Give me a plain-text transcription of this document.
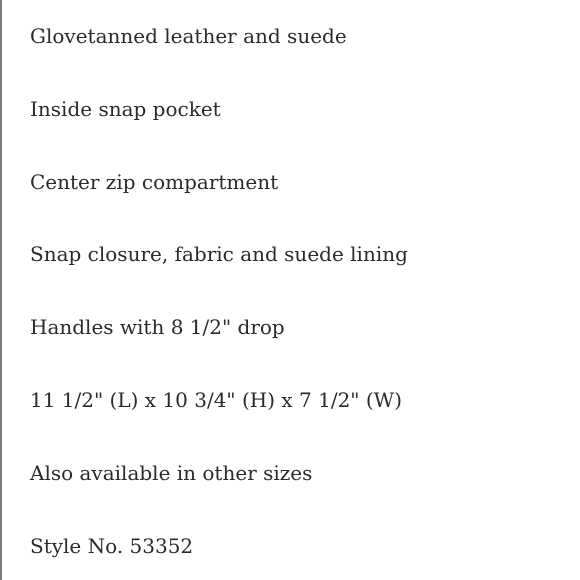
Glovetanned leather and suede
Inside snap pocket
Center zip compartment
Snap closure, fabric and suede lining
Handles with 8 1/2" drop
11 1/2" (L) x 10 3/4" (H) x 7 1/2" (W)
Also available in other sizes
Style No. 53352
